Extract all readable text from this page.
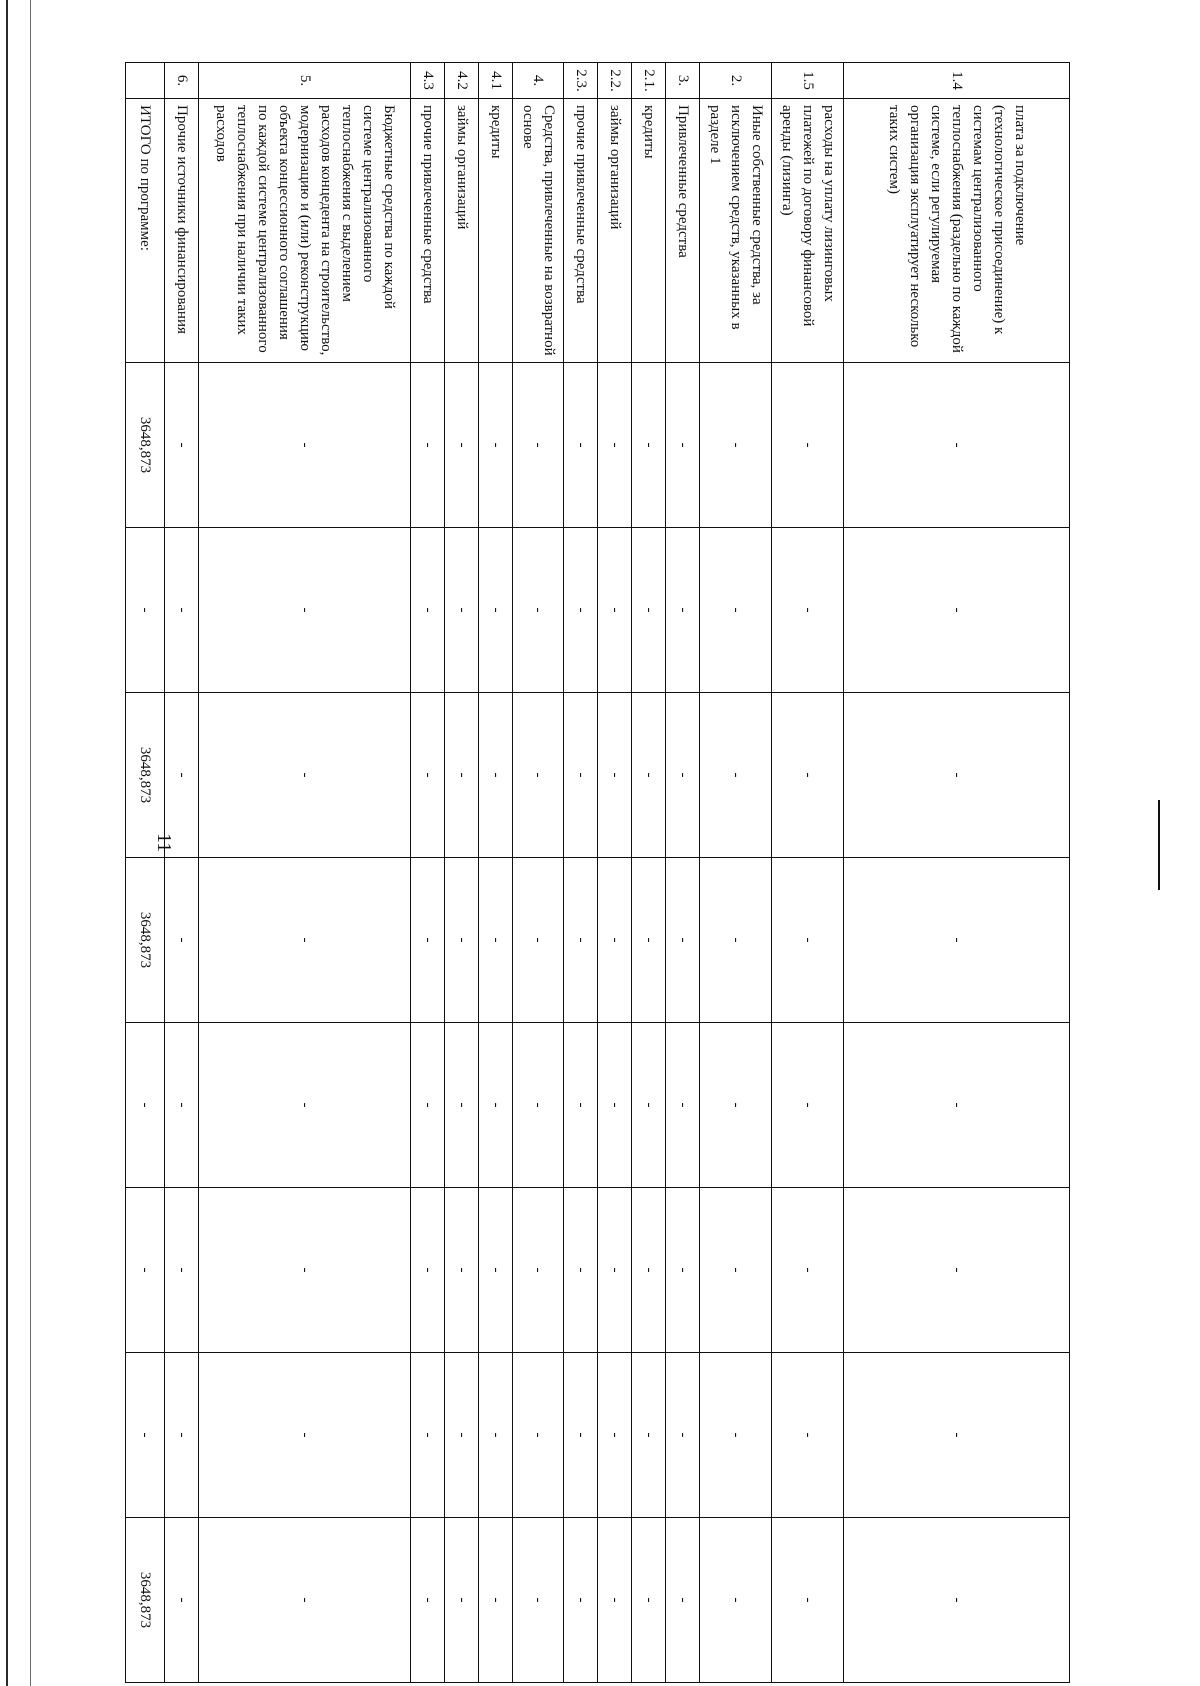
11
1.4	плата за подключение (технологическое присоединение) к системам централизованного теплоснабжения (раздельно по каждой системе, если регулируемая организация эксплуатирует несколько таких систем)	-	-	-	-	-	-	-	-
1.5	расходы на уплату лизинговых платежей по договору финансовой аренды (лизинга)	-	-	-	-	-	-	-	-
2.	Иные собственные средства, за исключением средств, указанных в разделе 1	-	-	-	-	-	-	-	-
3.	Привлеченные средства	-	-	-	-	-	-	-	-
2.1.	кредиты	-	-	-	-	-	-	-	-
2.2.	займы организаций	-	-	-	-	-	-	-	-
2.3.	прочие привлеченные средства	-	-	-	-	-	-	-	-
4.	Средства, привлеченные на возвратной основе	-	-	-	-	-	-	-	-
4.1	кредиты	-	-	-	-	-	-	-	-
4.2	займы организаций	-	-	-	-	-	-	-	-
4.3	прочие привлеченные средства	-	-	-	-	-	-	-	-
5.	Бюджетные средства по каждой системе централизованного теплоснабжения с выделением расходов концедента на строительство, модернизацию и (или) реконструкцию объекта концессионного соглашения по каждой системе централизованного теплоснабжения при наличии таких расходов	-	-	-	-	-	-	-	-
6.	Прочие источники финансирования	-	-	-	-	-	-	-	-
	ИТОГО по программе:	3648,873	-	3648,873	3648,873	-	-	-	3648,873
